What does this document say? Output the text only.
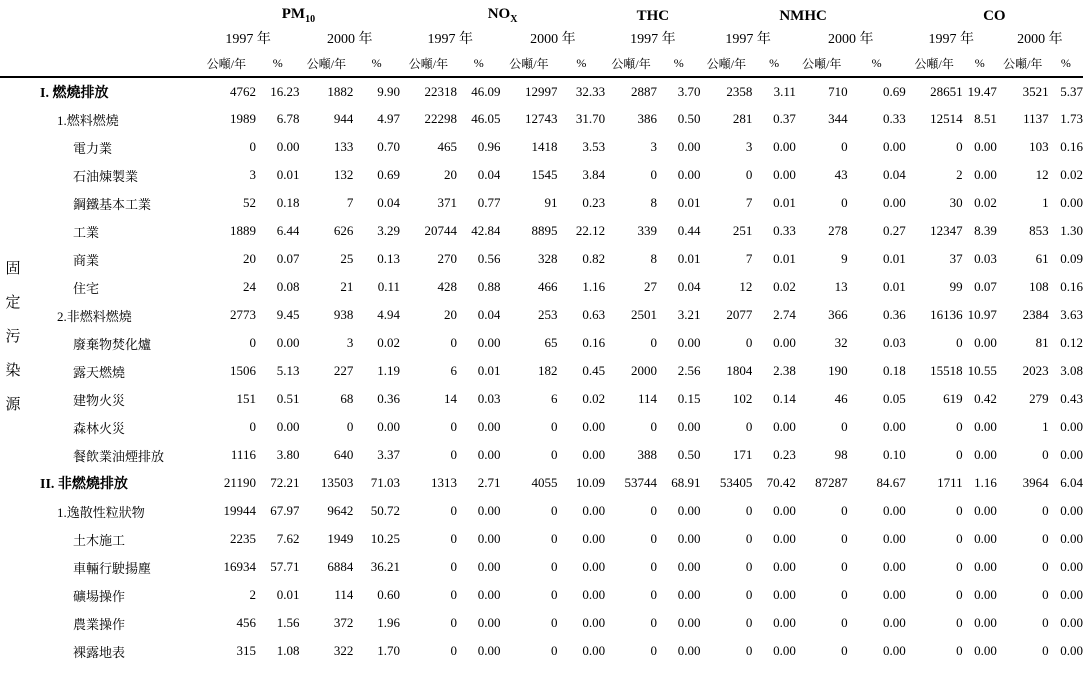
固
定
污
染
源
	$PM_{10}$				$NO_X$				THC		NMHC				CO			
	1997 年		2000 年		1997 年		2000 年		1997 年		1997 年		2000 年		1997 年		2000 年	
	公噸/年	%	公噸/年	%	公噸/年	%	公噸/年	%	公噸/年	%	公噸/年	%	公噸/年	%	公噸/年	%	公噸/年	%
I. 燃燒排放	4762	16.23	1882	9.90	22318	46.09	12997	32.33	2887	3.70	2358	3.11	710	0.69	28651	19.47	3521	5.37
1.燃料燃燒	1989	6.78	944	4.97	22298	46.05	12743	31.70	386	0.50	281	0.37	344	0.33	12514	8.51	1137	1.73
電力業	0	0.00	133	0.70	465	0.96	1418	3.53	3	0.00	3	0.00	0	0.00	0	0.00	103	0.16
石油煉製業	3	0.01	132	0.69	20	0.04	1545	3.84	0	0.00	0	0.00	43	0.04	2	0.00	12	0.02
鋼鐵基本工業	52	0.18	7	0.04	371	0.77	91	0.23	8	0.01	7	0.01	0	0.00	30	0.02	1	0.00
工業	1889	6.44	626	3.29	20744	42.84	8895	22.12	339	0.44	251	0.33	278	0.27	12347	8.39	853	1.30
商業	20	0.07	25	0.13	270	0.56	328	0.82	8	0.01	7	0.01	9	0.01	37	0.03	61	0.09
住宅	24	0.08	21	0.11	428	0.88	466	1.16	27	0.04	12	0.02	13	0.01	99	0.07	108	0.16
2.非燃料燃燒	2773	9.45	938	4.94	20	0.04	253	0.63	2501	3.21	2077	2.74	366	0.36	16136	10.97	2384	3.63
廢棄物焚化爐	0	0.00	3	0.02	0	0.00	65	0.16	0	0.00	0	0.00	32	0.03	0	0.00	81	0.12
露天燃燒	1506	5.13	227	1.19	6	0.01	182	0.45	2000	2.56	1804	2.38	190	0.18	15518	10.55	2023	3.08
建物火災	151	0.51	68	0.36	14	0.03	6	0.02	114	0.15	102	0.14	46	0.05	619	0.42	279	0.43
森林火災	0	0.00	0	0.00	0	0.00	0	0.00	0	0.00	0	0.00	0	0.00	0	0.00	1	0.00
餐飲業油煙排放	1116	3.80	640	3.37	0	0.00	0	0.00	388	0.50	171	0.23	98	0.10	0	0.00	0	0.00
II. 非燃燒排放	21190	72.21	13503	71.03	1313	2.71	4055	10.09	53744	68.91	53405	70.42	87287	84.67	1711	1.16	3964	6.04
1.逸散性粒狀物	19944	67.97	9642	50.72	0	0.00	0	0.00	0	0.00	0	0.00	0	0.00	0	0.00	0	0.00
土木施工	2235	7.62	1949	10.25	0	0.00	0	0.00	0	0.00	0	0.00	0	0.00	0	0.00	0	0.00
車輛行駛揚塵	16934	57.71	6884	36.21	0	0.00	0	0.00	0	0.00	0	0.00	0	0.00	0	0.00	0	0.00
礦場操作	2	0.01	114	0.60	0	0.00	0	0.00	0	0.00	0	0.00	0	0.00	0	0.00	0	0.00
農業操作	456	1.56	372	1.96	0	0.00	0	0.00	0	0.00	0	0.00	0	0.00	0	0.00	0	0.00
裸露地表	315	1.08	322	1.70	0	0.00	0	0.00	0	0.00	0	0.00	0	0.00	0	0.00	0	0.00
